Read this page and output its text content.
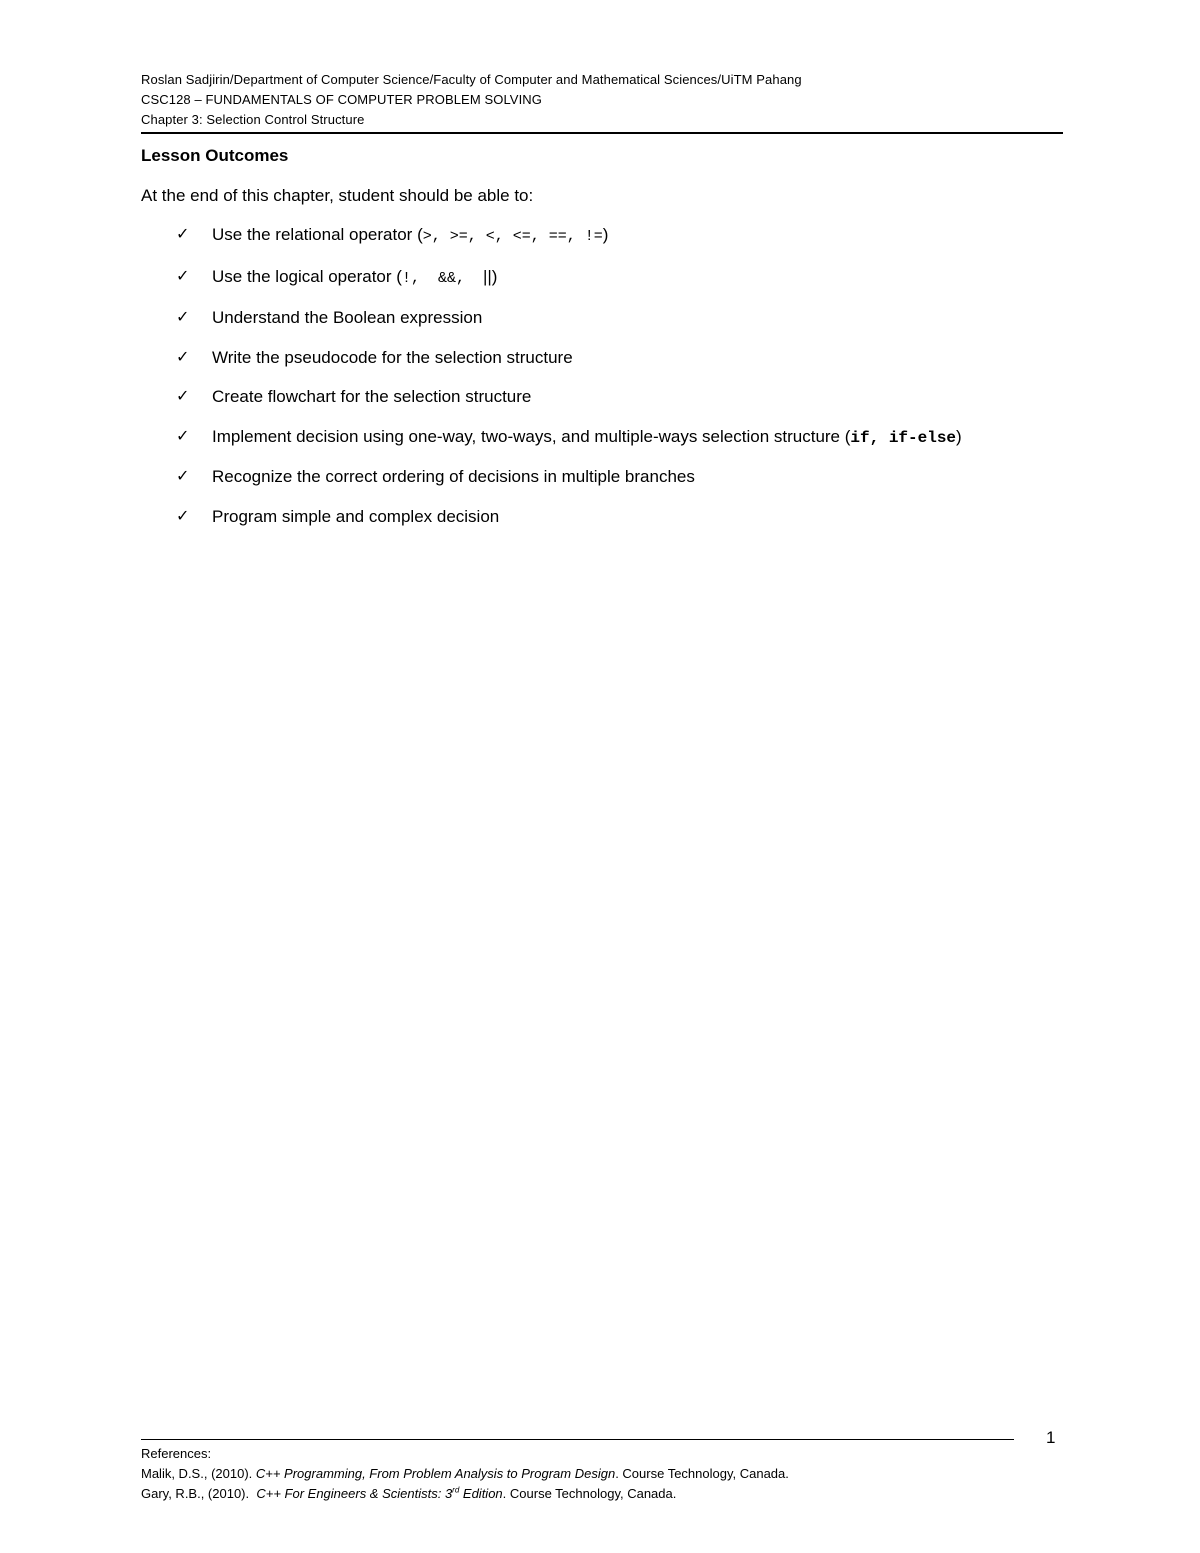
Roslan Sadjirin/Department of Computer Science/Faculty of Computer and Mathematical Sciences/UiTM Pahang
CSC128 – FUNDAMENTALS OF COMPUTER PROBLEM SOLVING
Chapter 3: Selection Control Structure
Lesson Outcomes
At the end of this chapter, student should be able to:
✓ Use the relational operator (>, >=, <, <=, ==, !=)
✓ Use the logical operator (!,  &&,  ||)
✓ Understand the Boolean expression
✓ Write the pseudocode for the selection structure
✓ Create flowchart for the selection structure
✓ Implement decision using one-way, two-ways, and multiple-ways selection structure (if, if-else)
✓ Recognize the correct ordering of decisions in multiple branches
✓ Program simple and complex decision
1
References:
Malik, D.S., (2010). C++ Programming, From Problem Analysis to Program Design. Course Technology, Canada.
Gary, R.B., (2010).  C++ For Engineers & Scientists: 3rd Edition. Course Technology, Canada.
